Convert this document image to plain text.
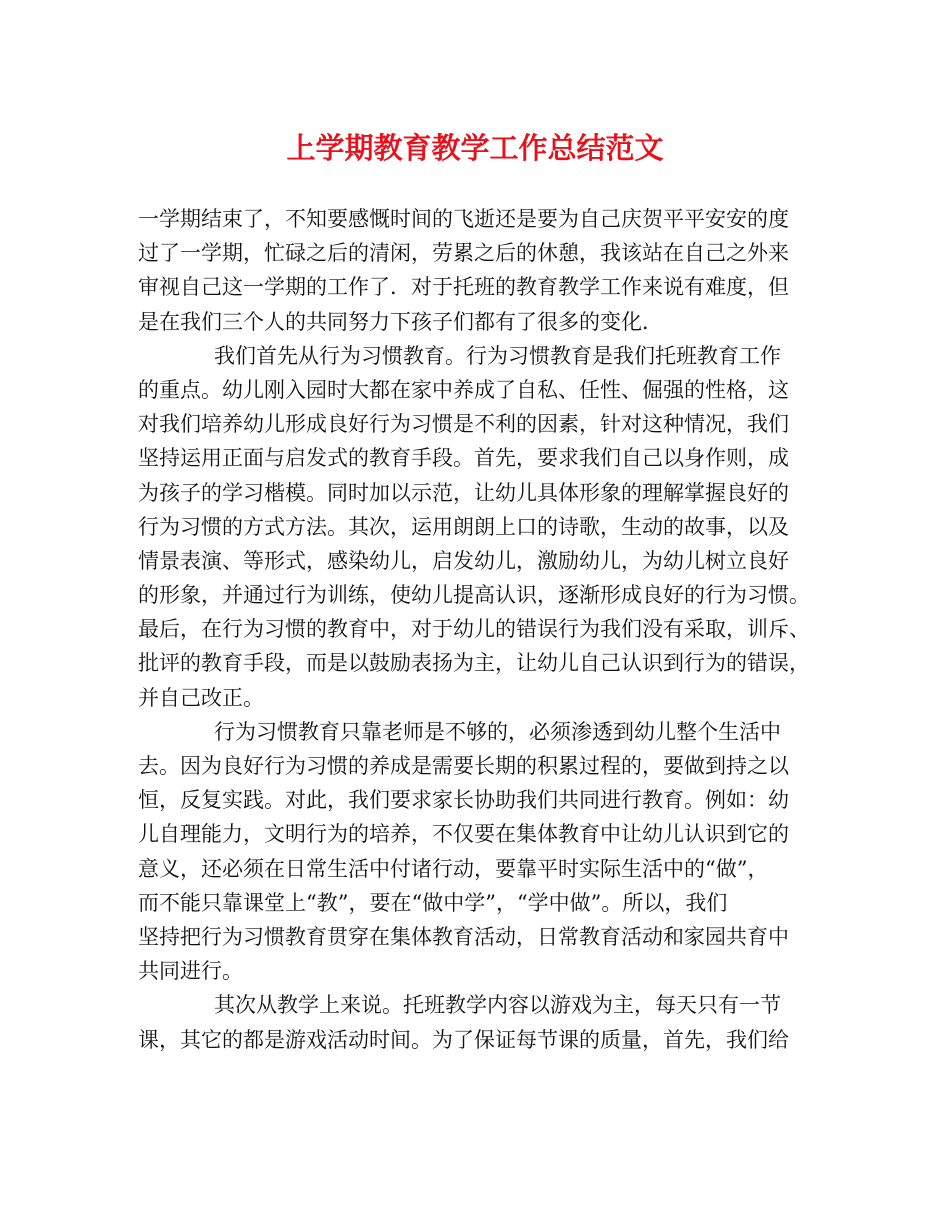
上学期教育教学工作总结范文
一学期结束了，不知要感慨时间的飞逝还是要为自己庆贺平平安安的度
过了一学期，忙碌之后的清闲，劳累之后的休憩，我该站在自己之外来
审视自己这一学期的工作了．对于托班的教育教学工作来说有难度，但
是在我们三个人的共同努力下孩子们都有了很多的变化．
我们首先从行为习惯教育。行为习惯教育是我们托班教育工作
的重点。幼儿刚入园时大都在家中养成了自私、任性、倔强的性格，这
对我们培养幼儿形成良好行为习惯是不利的因素，针对这种情况，我们
坚持运用正面与启发式的教育手段。首先，要求我们自己以身作则，成
为孩子的学习楷模。同时加以示范，让幼儿具体形象的理解掌握良好的
行为习惯的方式方法。其次，运用朗朗上口的诗歌，生动的故事，以及
情景表演、等形式，感染幼儿，启发幼儿，激励幼儿，为幼儿树立良好
的形象，并通过行为训练，使幼儿提高认识，逐渐形成良好的行为习惯。
最后，在行为习惯的教育中，对于幼儿的错误行为我们没有采取，训斥、
批评的教育手段，而是以鼓励表扬为主，让幼儿自己认识到行为的错误，
并自己改正。
行为习惯教育只靠老师是不够的，必须渗透到幼儿整个生活中
去。因为良好行为习惯的养成是需要长期的积累过程的，要做到持之以
恒，反复实践。对此，我们要求家长协助我们共同进行教育。例如：幼
儿自理能力，文明行为的培养，不仅要在集体教育中让幼儿认识到它的
意义，还必须在日常生活中付诸行动，要靠平时实际生活中的“做”，
而不能只靠课堂上“教”，要在“做中学”，“学中做”。所以，我们
坚持把行为习惯教育贯穿在集体教育活动，日常教育活动和家园共育中
共同进行。
其次从教学上来说。托班教学内容以游戏为主，每天只有一节
课，其它的都是游戏活动时间。为了保证每节课的质量，首先，我们给
